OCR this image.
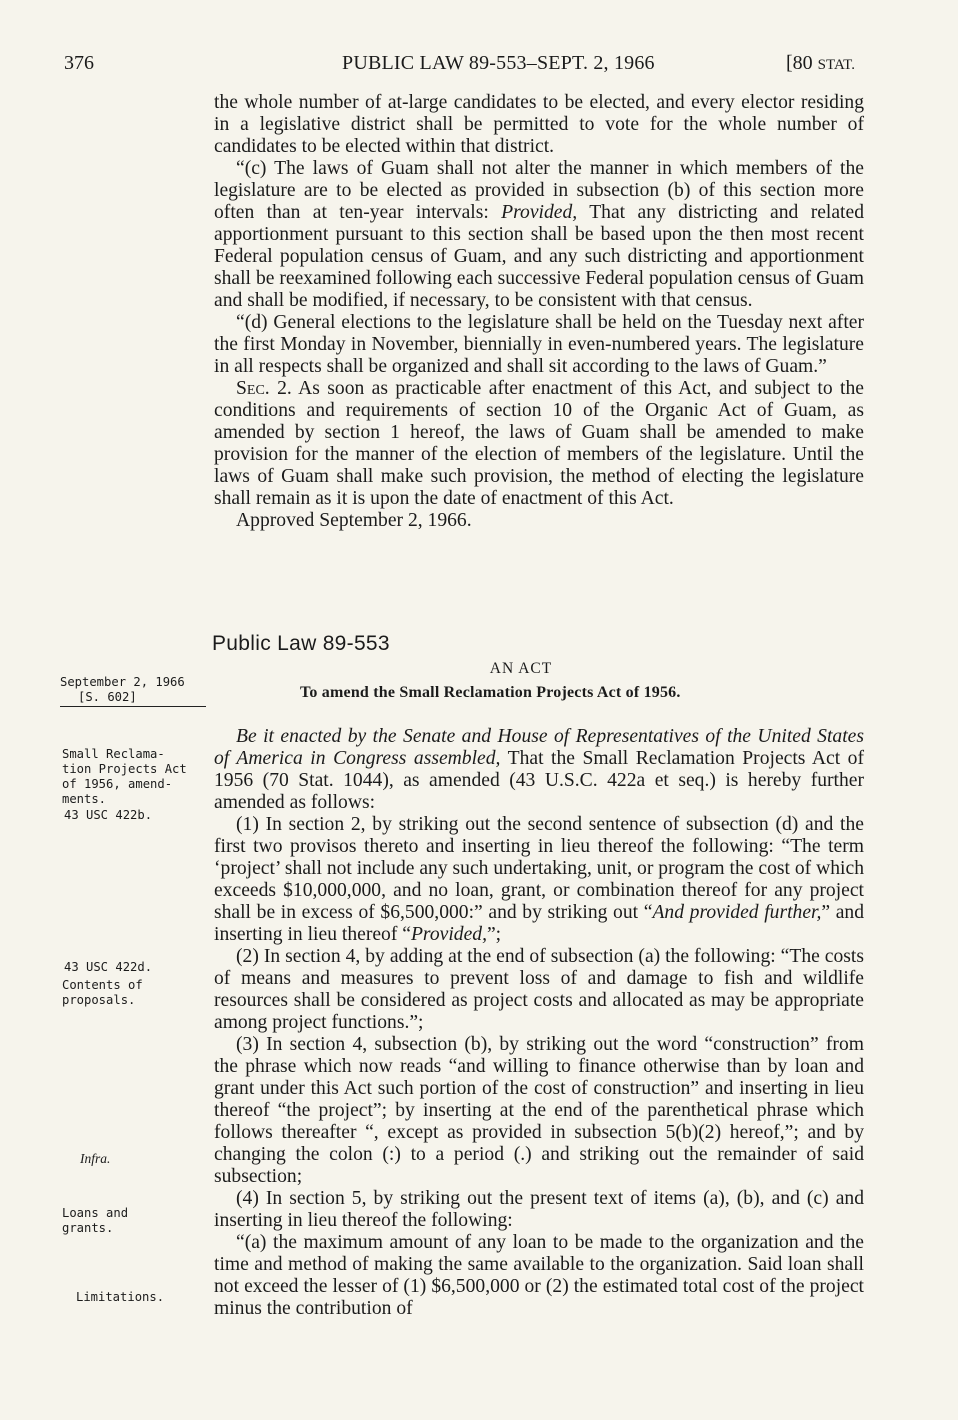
376	PUBLIC LAW 89-553–SEPT. 2, 1966	[80 STAT.

the whole number of at-large candidates to be elected, and every elector residing in a legislative district shall be permitted to vote for the whole number of candidates to be elected within that district.

“(c) The laws of Guam shall not alter the manner in which members of the legislature are to be elected as provided in subsection (b) of this section more often than at ten-year intervals: Provided, That any districting and related apportionment pursuant to this section shall be based upon the then most recent Federal population census of Guam, and any such districting and apportionment shall be reexamined following each successive Federal population census of Guam and shall be modified, if necessary, to be consistent with that census.

“(d) General elections to the legislature shall be held on the Tuesday next after the first Monday in November, biennially in even-numbered years. The legislature in all respects shall be organized and shall sit according to the laws of Guam.”

Sec. 2. As soon as practicable after enactment of this Act, and subject to the conditions and requirements of section 10 of the Organic Act of Guam, as amended by section 1 hereof, the laws of Guam shall be amended to make provision for the manner of the election of members of the legislature. Until the laws of Guam shall make such provision, the method of electing the legislature shall remain as it is upon the date of enactment of this Act.

Approved September 2, 1966.

Public Law 89-553
AN ACT
To amend the Small Reclamation Projects Act of 1956.

Be it enacted by the Senate and House of Representatives of the United States of America in Congress assembled, That the Small Reclamation Projects Act of 1956 (70 Stat. 1044), as amended (43 U.S.C. 422a et seq.) is hereby further amended as follows:

(1) In section 2, by striking out the second sentence of subsection (d) and the first two provisos thereto and inserting in lieu thereof the following: “The term ‘project’ shall not include any such undertaking, unit, or program the cost of which exceeds $10,000,000, and no loan, grant, or combination thereof for any project shall be in excess of $6,500,000:” and by striking out “And provided further,” and inserting in lieu thereof “Provided,”;

(2) In section 4, by adding at the end of subsection (a) the following: “The costs of means and measures to prevent loss of and damage to fish and wildlife resources shall be considered as project costs and allocated as may be appropriate among project functions.”;

(3) In section 4, subsection (b), by striking out the word “construction” from the phrase which now reads “and willing to finance otherwise than by loan and grant under this Act such portion of the cost of construction” and inserting in lieu thereof “the project”; by inserting at the end of the parenthetical phrase which follows thereafter “, except as provided in subsection 5(b)(2) hereof,”; and by changing the colon (:) to a period (.) and striking out the remainder of said subsection;

(4) In section 5, by striking out the present text of items (a), (b), and (c) and inserting in lieu thereof the following:

“(a) the maximum amount of any loan to be made to the organization and the time and method of making the same available to the organization. Said loan shall not exceed the lesser of (1) $6,500,000 or (2) the estimated total cost of the project minus the contribution of

September 2, 1966
[S. 602]
Small Reclama-
tion Projects Act
of 1956, amend-
ments.
43 USC 422b.
43 USC 422d.
Contents of
proposals.
Infra.
Loans and
grants.
Limitations.
